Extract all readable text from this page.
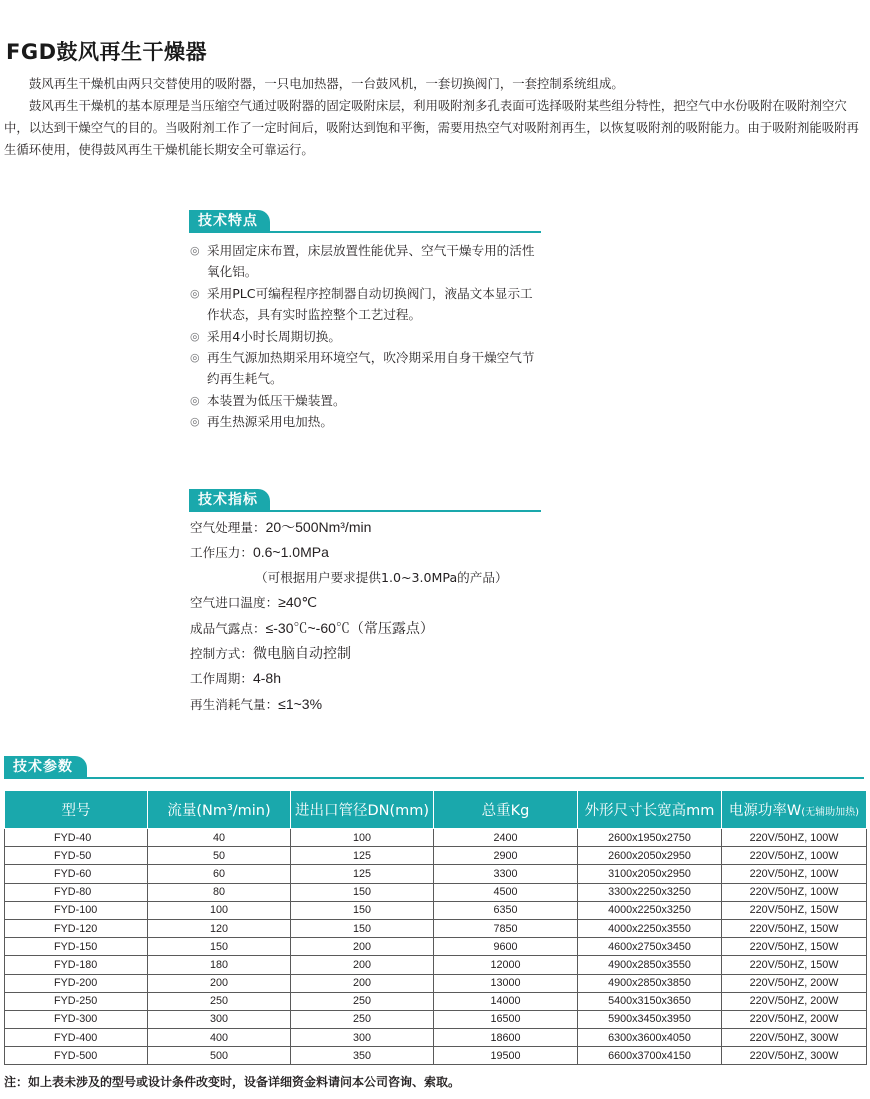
FGD鼓风再生干燥器

鼓风再生干燥机由两只交替使用的吸附器，一只电加热器，一台鼓风机，一套切换阀门，一套控制系统组成。

鼓风再生干燥机的基本原理是当压缩空气通过吸附器的固定吸附床层，利用吸附剂多孔表面可选择吸附某些组分特性，把空气中水份吸附在吸附剂空穴中，以达到干燥空气的目的。当吸附剂工作了一定时间后，吸附达到饱和平衡，需要用热空气对吸附剂再生，以恢复吸附剂的吸附能力。由于吸附剂能吸附再生循环使用，使得鼓风再生干燥机能长期安全可靠运行。

技术特点
◎ 采用固定床布置，床层放置性能优异、空气干燥专用的活性氧化铝。
◎ 采用PLC可编程程序控制器自动切换阀门，液晶文本显示工作状态，具有实时监控整个工艺过程。
◎ 采用4小时长周期切换。
◎ 再生气源加热期采用环境空气，吹冷期采用自身干燥空气节约再生耗气。
◎ 本装置为低压干燥装置。
◎ 再生热源采用电加热。
技术指标
空气处理量：20～500Nm³/min
工作压力：0.6~1.0MPa
（可根据用户要求提供1.0~3.0MPa的产品）
空气进口温度：≥40℃
成品气露点：≤-30℃~-60℃（常压露点）
控制方式：微电脑自动控制
工作周期：4-8h
再生消耗气量：≤1~3%
技术参数
型号	流量(Nm³/min)	进出口管径DN(mm)	总重Kg	外形尺寸长宽高mm	电源功率W(无辅助加热)
FYD-40	40	100	2400	2600x1950x2750	220V/50HZ, 100W
FYD-50	50	125	2900	2600x2050x2950	220V/50HZ, 100W
FYD-60	60	125	3300	3100x2050x2950	220V/50HZ, 100W
FYD-80	80	150	4500	3300x2250x3250	220V/50HZ, 100W
FYD-100	100	150	6350	4000x2250x3250	220V/50HZ, 150W
FYD-120	120	150	7850	4000x2250x3550	220V/50HZ, 150W
FYD-150	150	200	9600	4600x2750x3450	220V/50HZ, 150W
FYD-180	180	200	12000	4900x2850x3550	220V/50HZ, 150W
FYD-200	200	200	13000	4900x2850x3850	220V/50HZ, 200W
FYD-250	250	250	14000	5400x3150x3650	220V/50HZ, 200W
FYD-300	300	250	16500	5900x3450x3950	220V/50HZ, 200W
FYD-400	400	300	18600	6300x3600x4050	220V/50HZ, 300W
FYD-500	500	350	19500	6600x3700x4150	220V/50HZ, 300W
注：如上表未涉及的型号或设计条件改变时，设备详细资金料请问本公司咨询、索取。
